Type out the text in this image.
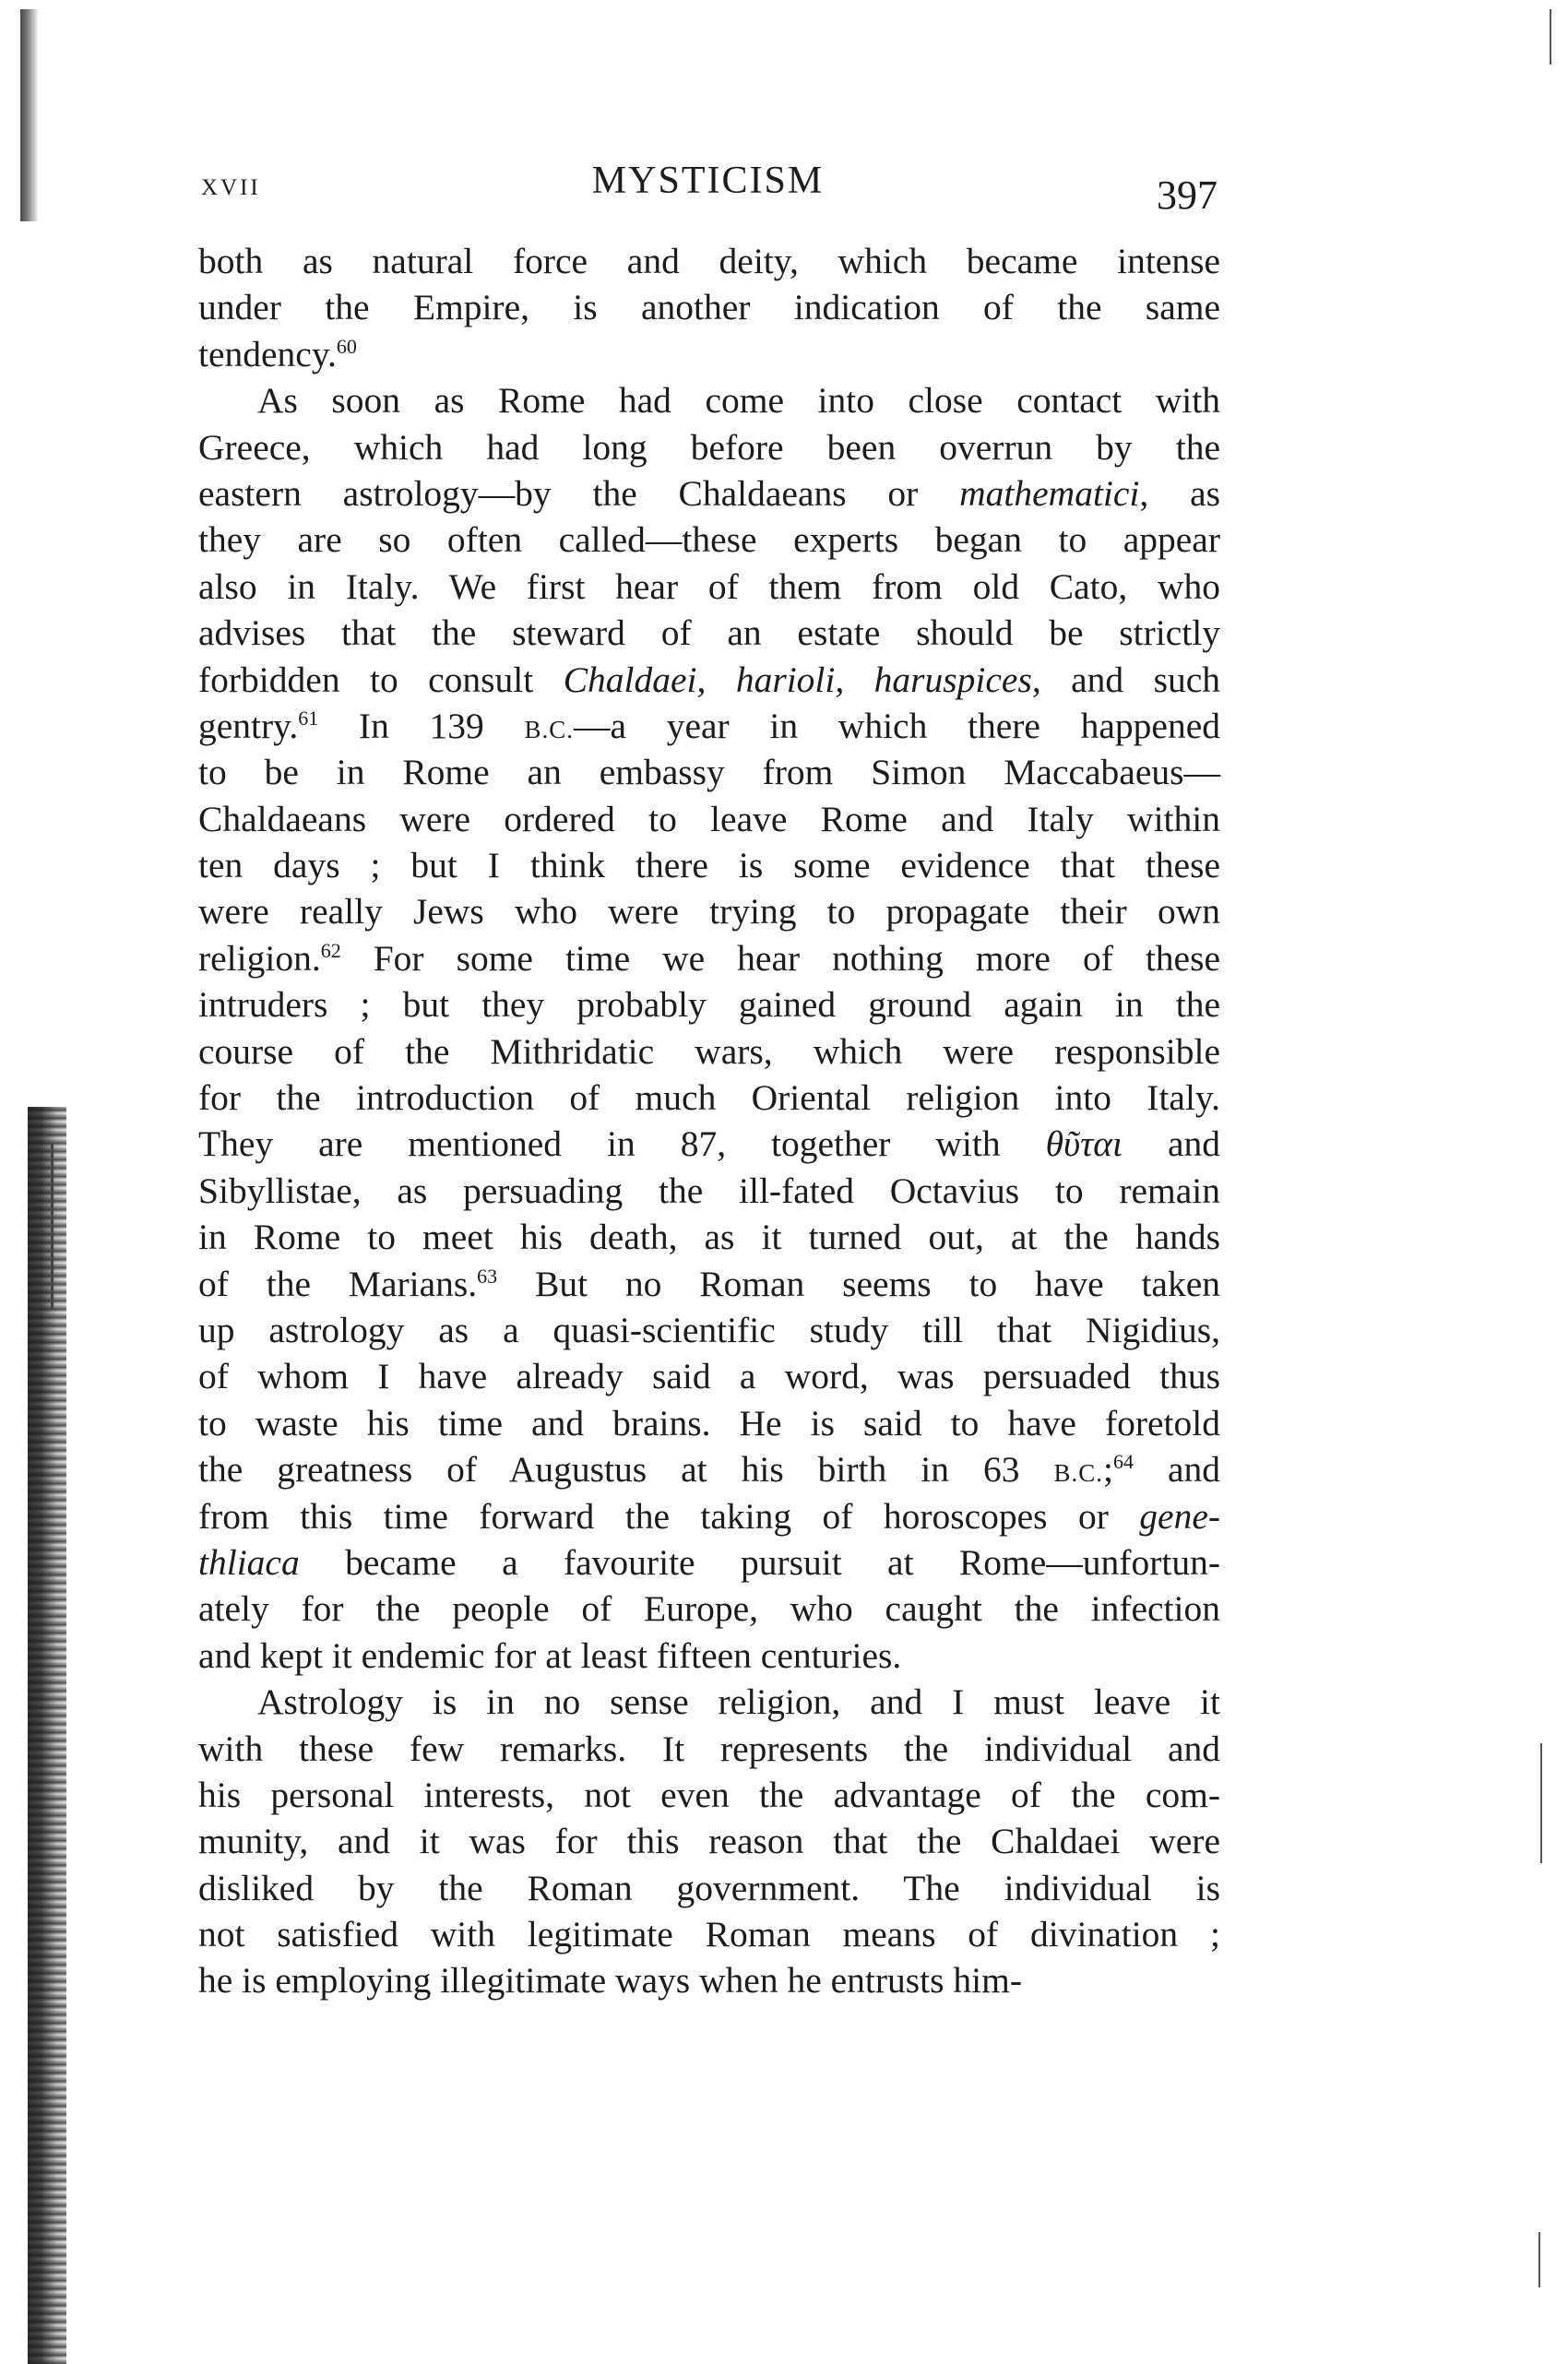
XVII	MYSTICISM	397
both as natural force and deity, which became intense
under the Empire, is another indication of the same
tendency.$^{60}$
As soon as Rome had come into close contact with
Greece, which had long before been overrun by the
eastern astrology—by the Chaldaeans or mathematici, as
they are so often called—these experts began to appear
also in Italy. We first hear of them from old Cato, who
advises that the steward of an estate should be strictly
forbidden to consult Chaldaei, harioli, haruspices, and such
gentry.$^{61}$ In 139 B.C.—a year in which there happened
to be in Rome an embassy from Simon Maccabaeus—
Chaldaeans were ordered to leave Rome and Italy within
ten days ; but I think there is some evidence that these
were really Jews who were trying to propagate their own
religion.$^{62}$ For some time we hear nothing more of these
intruders ; but they probably gained ground again in the
course of the Mithridatic wars, which were responsible
for the introduction of much Oriental religion into Italy.
They are mentioned in 87, together with θῦται and
Sibyllistae, as persuading the ill-fated Octavius to remain
in Rome to meet his death, as it turned out, at the hands
of the Marians.$^{63}$ But no Roman seems to have taken
up astrology as a quasi-scientific study till that Nigidius,
of whom I have already said a word, was persuaded thus
to waste his time and brains. He is said to have foretold
the greatness of Augustus at his birth in 63 B.C.;$^{64}$ and
from this time forward the taking of horoscopes or gene-
thliaca became a favourite pursuit at Rome—unfortun-
ately for the people of Europe, who caught the infection
and kept it endemic for at least fifteen centuries.
Astrology is in no sense religion, and I must leave it
with these few remarks. It represents the individual and
his personal interests, not even the advantage of the com-
munity, and it was for this reason that the Chaldaei were
disliked by the Roman government. The individual is
not satisfied with legitimate Roman means of divination ;
he is employing illegitimate ways when he entrusts him-
